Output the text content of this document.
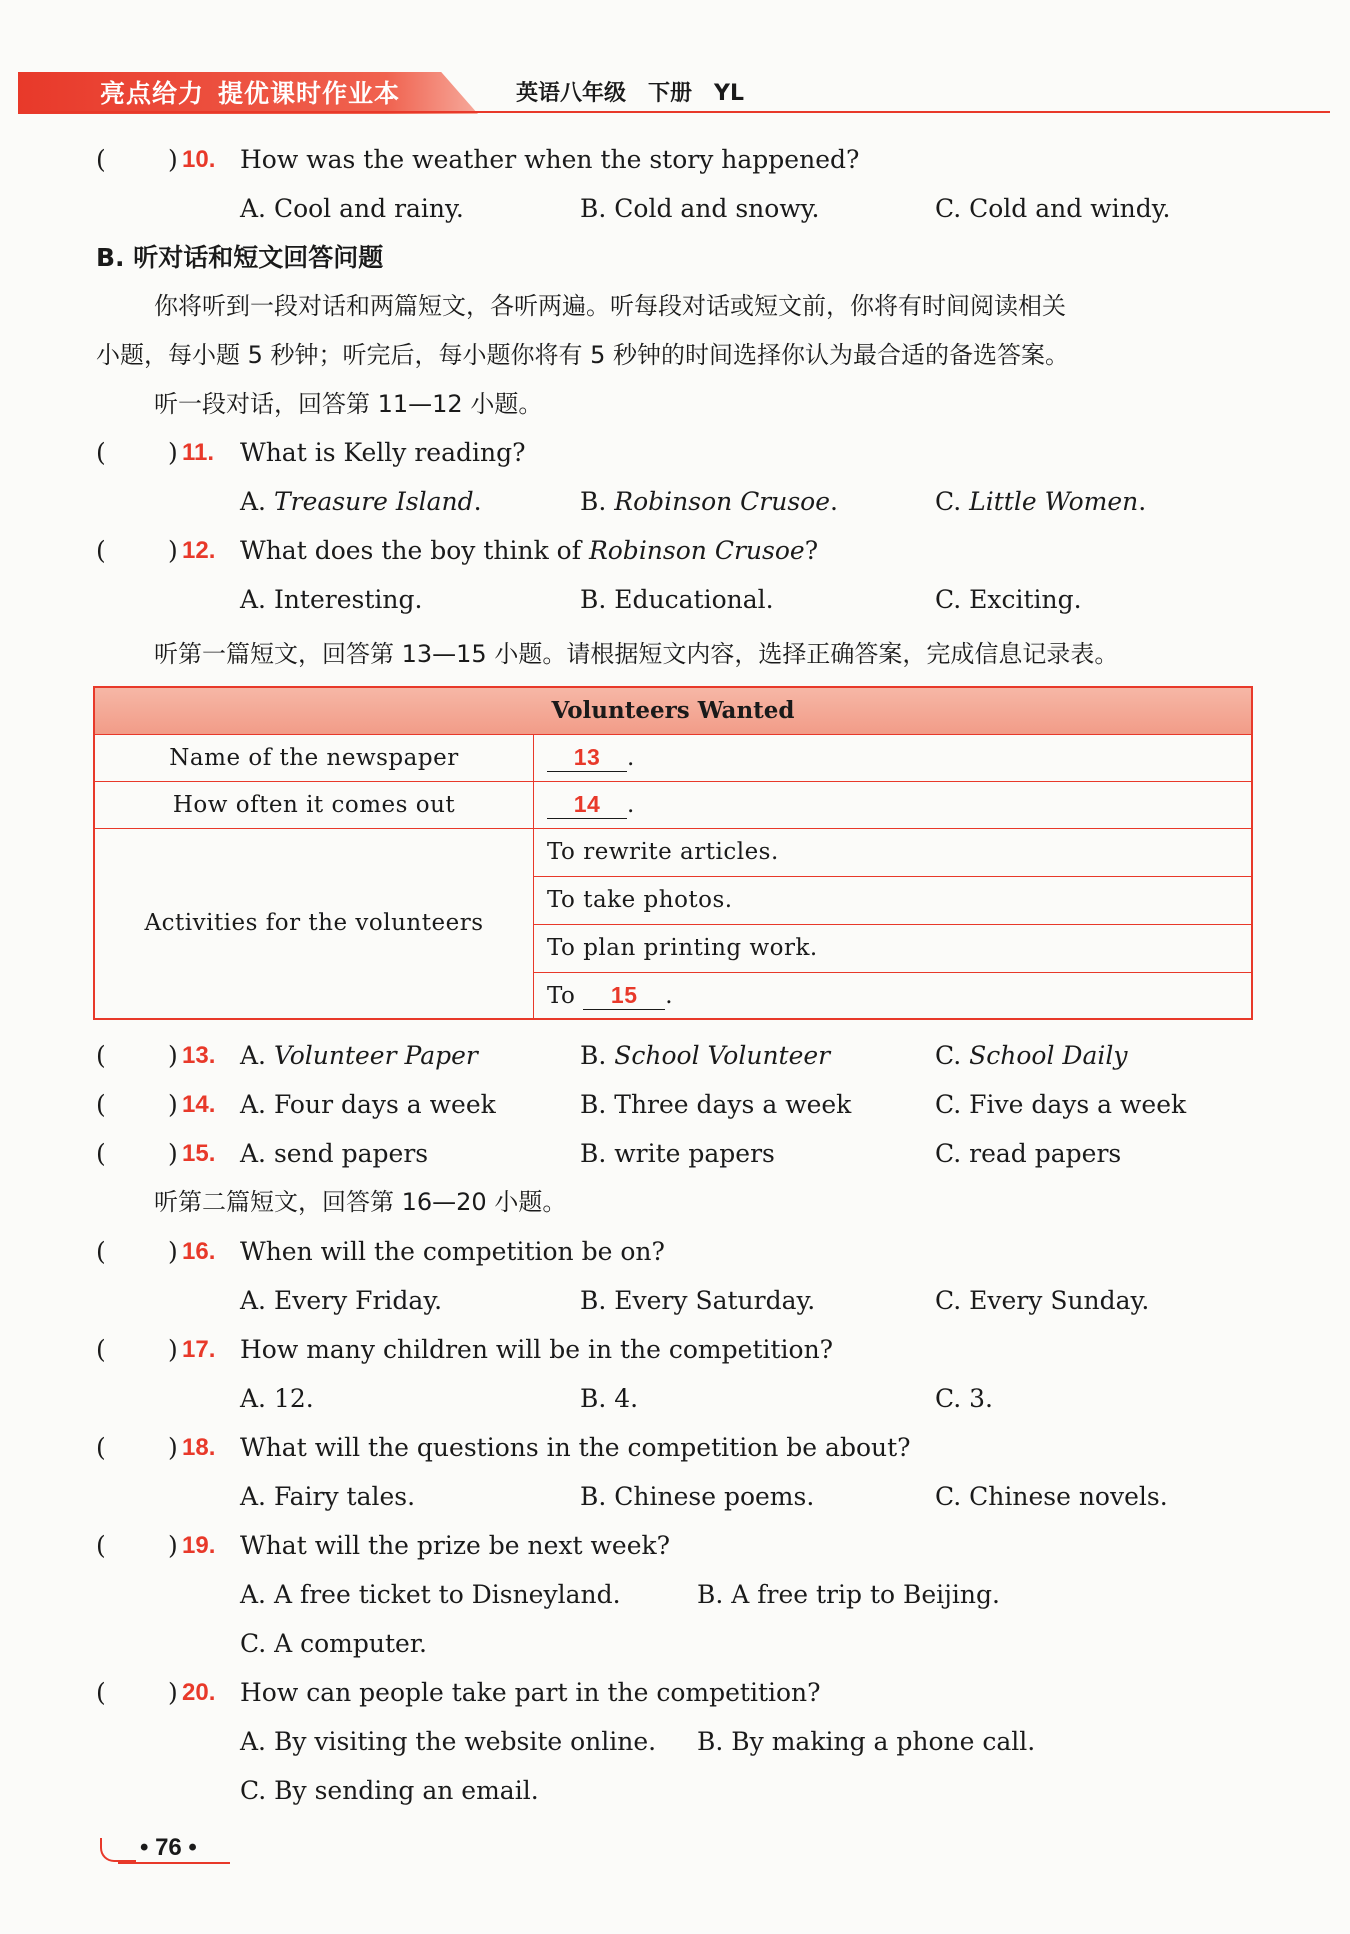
亮点给力 提优课时作业本	英语八年级 下册 YL
( ) 10. How was the weather when the story happened?
A. Cool and rainy.	B. Cold and snowy.	C. Cold and windy.
B. 听对话和短文回答问题
你将听到一段对话和两篇短文，各听两遍。听每段对话或短文前，你将有时间阅读相关
小题，每小题 5 秒钟；听完后，每小题你将有 5 秒钟的时间选择你认为最合适的备选答案。
听一段对话，回答第 11—12 小题。
( ) 11. What is Kelly reading?
A. Treasure Island.	B. Robinson Crusoe.	C. Little Women.
( ) 12. What does the boy think of Robinson Crusoe?
A. Interesting.	B. Educational.	C. Exciting.
听第一篇短文，回答第 13—15 小题。请根据短文内容，选择正确答案，完成信息记录表。
Volunteers Wanted
Name of the newspaper	13 .
How often it comes out	14 .
Activities for the volunteers
To rewrite articles.
To take photos.
To plan printing work.
To 15 .
( ) 13. A. Volunteer Paper	B. School Volunteer	C. School Daily
( ) 14. A. Four days a week	B. Three days a week	C. Five days a week
( ) 15. A. send papers	B. write papers	C. read papers
听第二篇短文，回答第 16—20 小题。
( ) 16. When will the competition be on?
A. Every Friday.	B. Every Saturday.	C. Every Sunday.
( ) 17. How many children will be in the competition?
A. 12.	B. 4.	C. 3.
( ) 18. What will the questions in the competition be about?
A. Fairy tales.	B. Chinese poems.	C. Chinese novels.
( ) 19. What will the prize be next week?
A. A free ticket to Disneyland.	B. A free trip to Beijing.
C. A computer.
( ) 20. How can people take part in the competition?
A. By visiting the website online. B. By making a phone call.
C. By sending an email.
• 76 •
